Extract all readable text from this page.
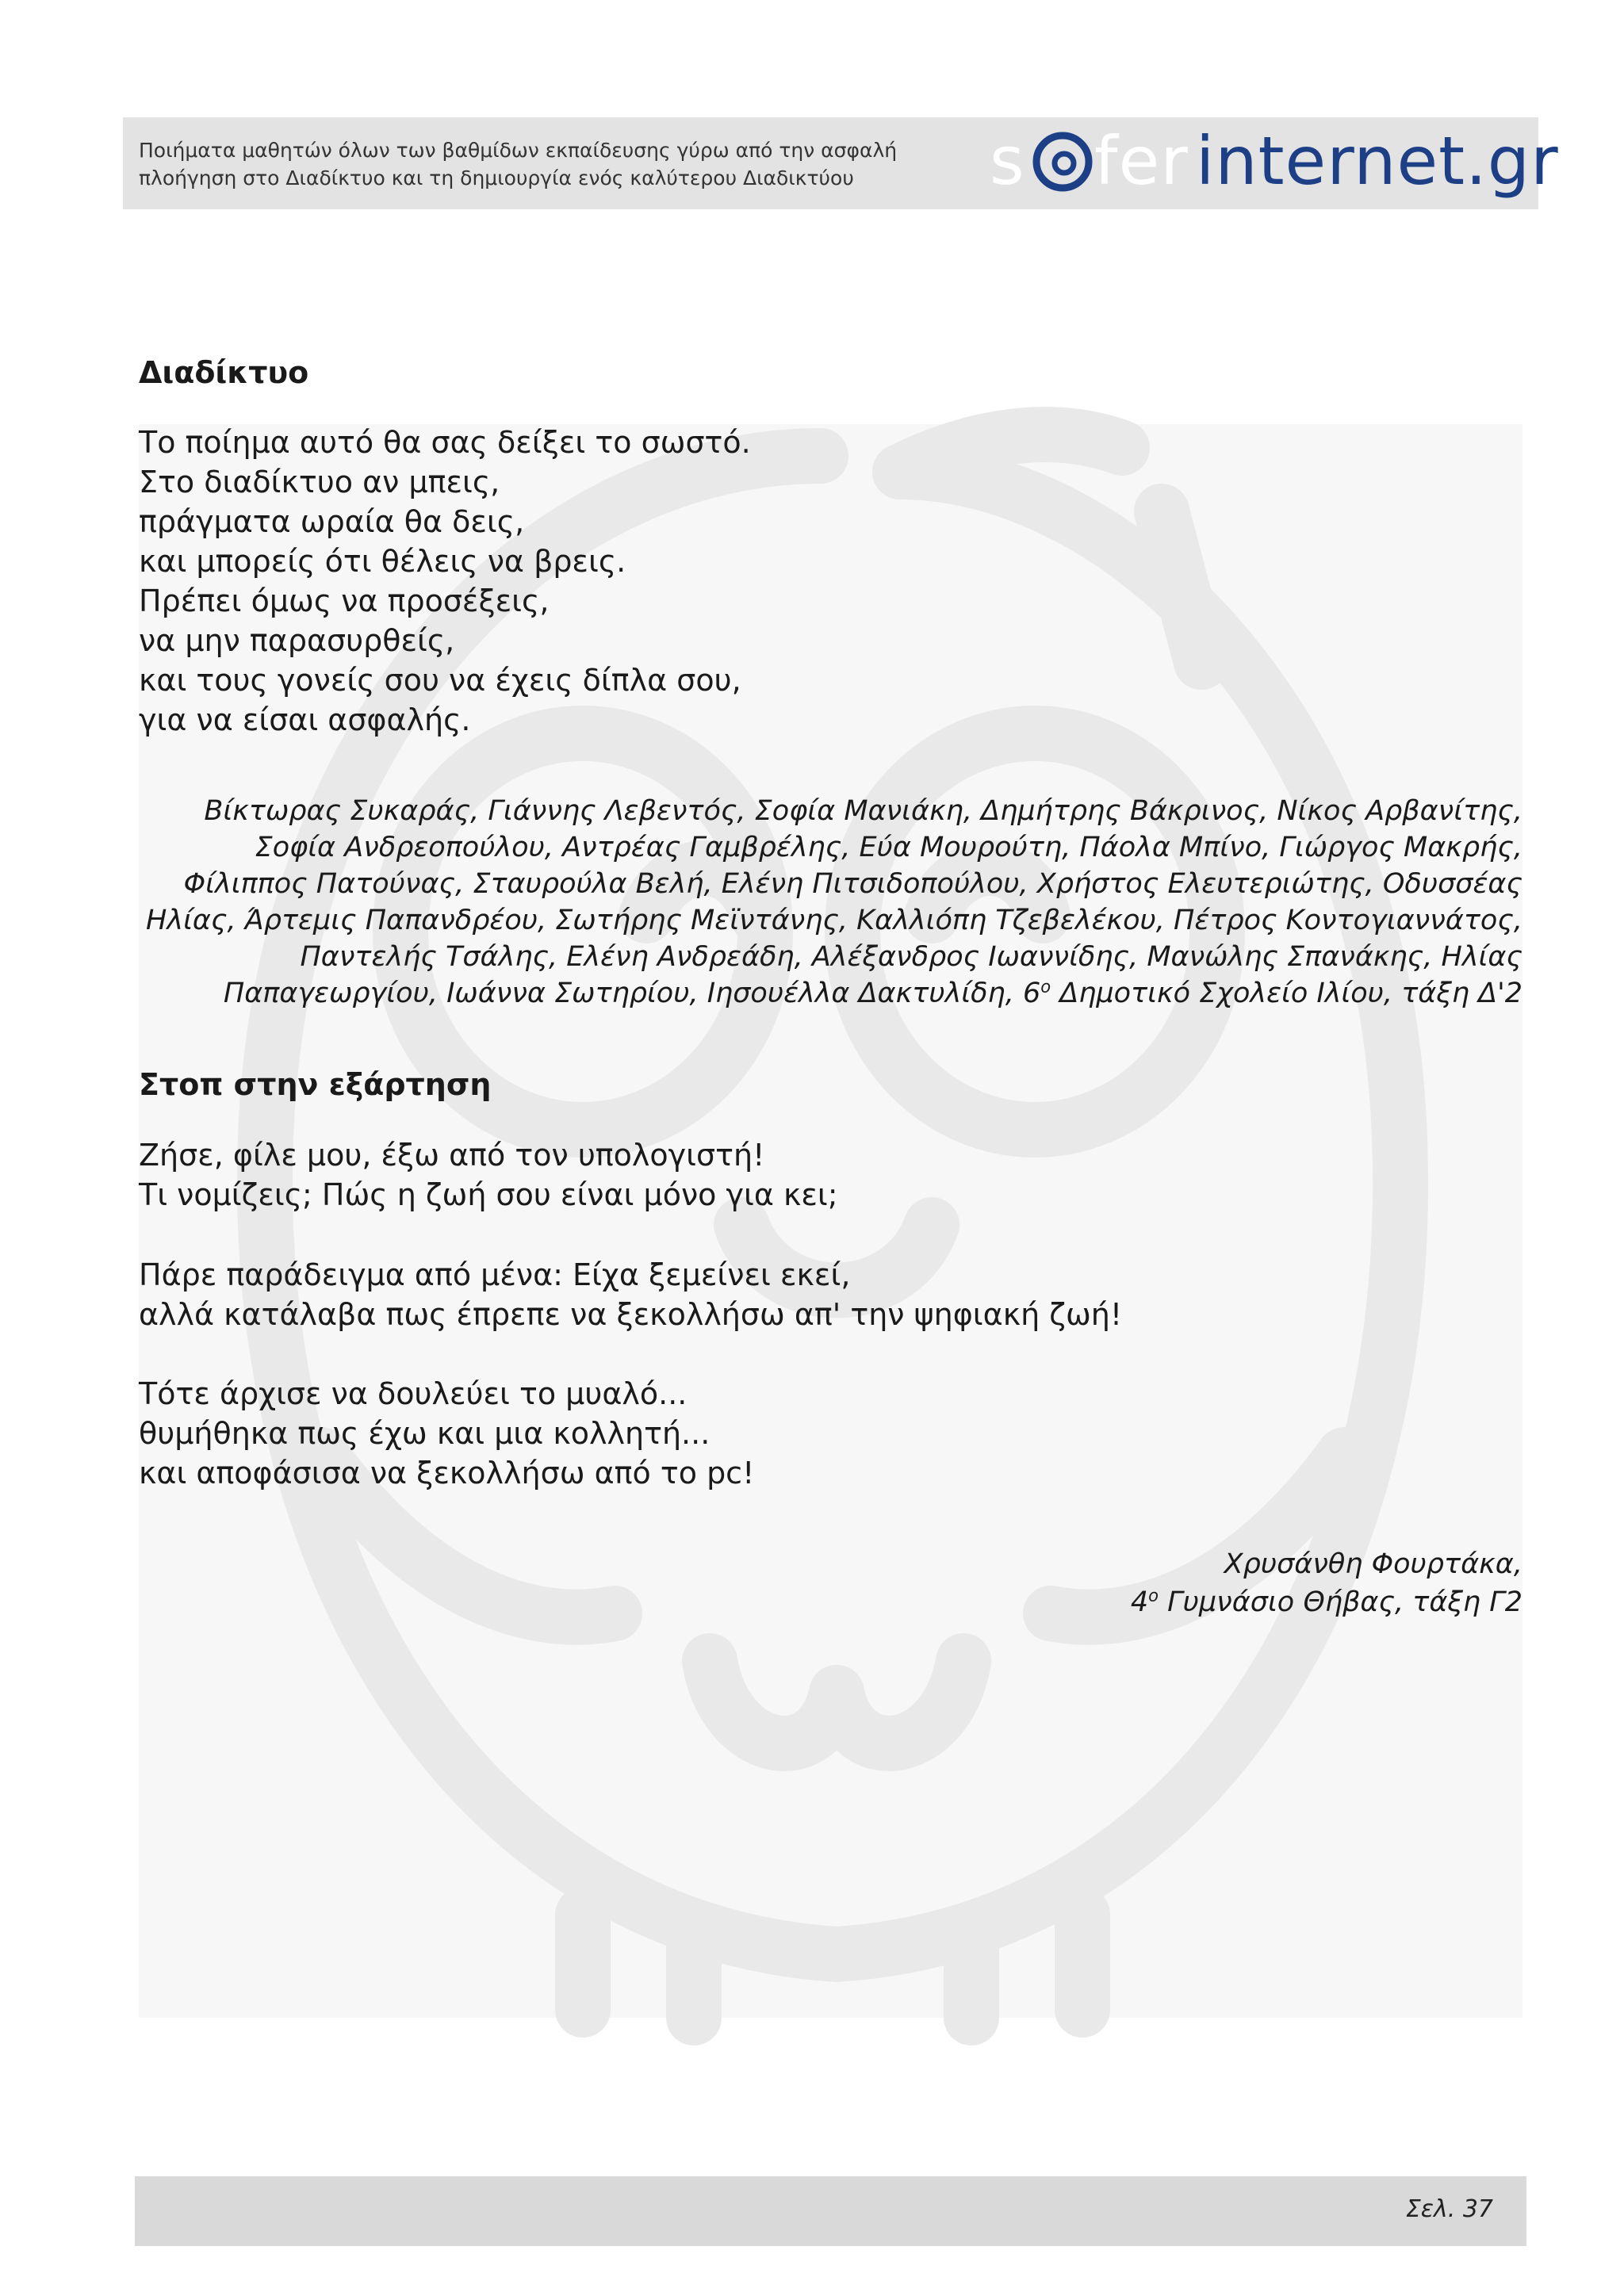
Ποιήματα μαθητών όλων των βαθμίδων εκπαίδευσης γύρω από την ασφαλή
πλοήγηση στο Διαδίκτυο και τη δημιουργία ενός καλύτερου Διαδικτύου	s fer internet.gr
Διαδίκτυο
Το ποίημα αυτό θα σας δείξει το σωστό.
Στο διαδίκτυο αν μπεις,
πράγματα ωραία θα δεις,
και μπορείς ότι θέλεις να βρεις.
Πρέπει όμως να προσέξεις,
να μην παρασυρθείς,
και τους γονείς σου να έχεις δίπλα σου,
για να είσαι ασφαλής.
Βίκτωρας Συκαράς, Γιάννης Λεβεντός, Σοφία Μανιάκη, Δημήτρης Βάκρινος, Νίκος Αρβανίτης,
Σοφία Ανδρεοπούλου, Αντρέας Γαμβρέλης, Εύα Μουρούτη, Πάολα Μπίνο, Γιώργος Μακρής,
Φίλιππος Πατούνας, Σταυρούλα Βελή, Ελένη Πιτσιδοπούλου, Χρήστος Ελευτεριώτης, Οδυσσέας
Ηλίας, Άρτεμις Παπανδρέου, Σωτήρης Μεϊντάνης, Καλλιόπη Τζεβελέκου, Πέτρος Κοντογιαννάτος,
Παντελής Τσάλης, Ελένη Ανδρεάδη, Αλέξανδρος Ιωαννίδης, Μανώλης Σπανάκης, Ηλίας
Παπαγεωργίου, Ιωάννα Σωτηρίου, Ιησουέλλα Δακτυλίδη, $6^o$ Δημοτικό Σχολείο Ιλίου, τάξη Δ'2
Στοπ στην εξάρτηση
Ζήσε, φίλε μου, έξω από τον υπολογιστή!
Τι νομίζεις; Πώς η ζωή σου είναι μόνο για κει;
Πάρε παράδειγμα από μένα: Είχα ξεμείνει εκεί,
αλλά κατάλαβα πως έπρεπε να ξεκολλήσω απ' την ψηφιακή ζωή!
Τότε άρχισε να δουλεύει το μυαλό...
θυμήθηκα πως έχω και μια κολλητή...
και αποφάσισα να ξεκολλήσω από το pc!
Χρυσάνθη Φουρτάκα,
$4^o$ Γυμνάσιο Θήβας, τάξη Γ2
Σελ. 37
